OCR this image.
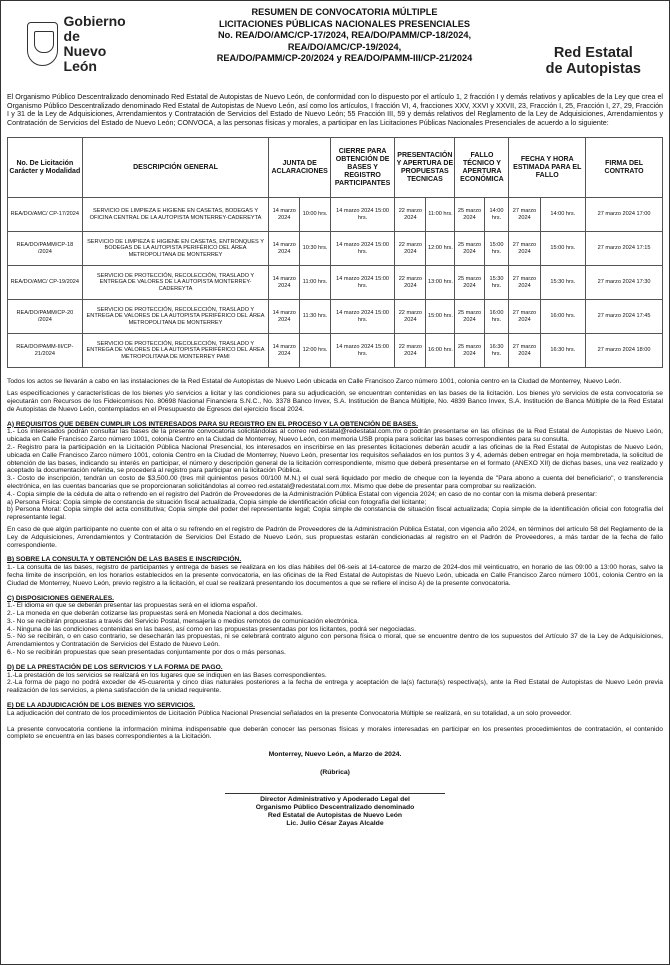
Gobierno de
Nuevo León
RESUMEN DE CONVOCATORIA MÚLTIPLE
LICITACIONES PÚBLICAS NACIONALES PRESENCIALES
No. REA/DO/AMC/CP-17/2024, REA/DO/PAMM/CP-18/2024,
REA/DO/AMC/CP-19/2024,
REA/DO/PAMM/CP-20/2024 y REA/DO/PAMM-III/CP-21/2024	Red Estatal
de Autopistas
El Organismo Público Descentralizado denominado Red Estatal de Autopistas de Nuevo León, de conformidad con lo dispuesto por el artículo 1, 2 fracción I y demás relativos y aplicables de la Ley que crea el Organismo Público Descentralizado denominado Red Estatal de Autopistas de Nuevo León, así como los artículos, I fracción VI, 4, fracciones XXV, XXVI y XXVII, 23, Fracción I, 25, Fracción I, 27, 29, Fracción I y 31 de la Ley de Adquisiciones, Arrendamientos y Contratación de Servicios del Estado de Nuevo León; 55 Fracción III, 59 y demás relativos del Reglamento de la Ley de Adquisiciones, Arrendamientos y Contratación de Servicios del Estado de Nuevo León; CONVOCA, a las personas físicas y morales, a participar en las Licitaciones Públicas Nacionales Presenciales de acuerdo a lo siguiente:
No. De Licitación Carácter y Modalidad	DESCRIPCIÓN GENERAL	JUNTA DE ACLARACIONES		CIERRE PARA OBTENCIÓN DE BASES Y REGISTRO PARTICIPANTES	PRESENTACIÓN Y APERTURA DE PROPUESTAS TECNICAS		FALLO TÉCNICO Y APERTURA ECONÓMICA		FECHA Y HORA ESTIMADA PARA EL FALLO		FIRMA DEL CONTRATO
REA/DO/AMC/ CP-17/2024	SERVICIO DE LIMPIEZA E HIGIENE EN CASETAS, BODEGAS Y OFICINA CENTRAL DE LA AUTOPISTA MONTERREY-CADEREYTA	14 marzo 2024	10:00 hrs.	14 marzo 2024 15:00 hrs.	22 marzo 2024	11:00 hrs.	25 marzo 2024	14:00 hrs.	27 marzo 2024	14:00 hrs.	27 marzo 2024 17:00
REA/DO/PAMM/CP-18 /2024	SERVICIO DE LIMPIEZA E HIGIENE EN CASETAS, ENTRONQUES Y BODEGAS DE LA AUTOPISTA PERIFÉRICO DEL ÁREA METROPOLITANA DE MONTERREY	14 marzo 2024	10:30 hrs.	14 marzo 2024 15:00 hrs.	22 marzo 2024	12:00 hrs.	25 marzo 2024	15:00 hrs.	27 marzo 2024	15:00 hrs.	27 marzo 2024 17:15
REA/DO/AMC/ CP-19/2024	SERVICIO DE PROTECCIÓN, RECOLECCIÓN, TRASLADO Y ENTREGA DE VALORES DE LA AUTOPISTA MONTERREY-CADEREYTA	14 marzo 2024	11:00 hrs.	14 marzo 2024 15:00 hrs.	22 marzo 2024	13:00 hrs.	25 marzo 2024	15:30 hrs.	27 marzo 2024	15:30 hrs.	27 marzo 2024 17:30
REA/DO/PAMM/CP-20 /2024	SERVICIO DE PROTECCIÓN, RECOLECCIÓN, TRASLADO Y ENTREGA DE VALORES DE LA AUTOPISTA PERIFÉRICO DEL ÁREA METROPOLITANA DE MONTERREY	14 marzo 2024	11:30 hrs.	14 marzo 2024 15:00 hrs.	22 marzo 2024	15:00 hrs.	25 marzo 2024	16:00 hrs.	27 marzo 2024	16:00 hrs.	27 marzo 2024 17:45
REA/DO/PAMM-III/CP-21/2024	SERVICIO DE PROTECCIÓN, RECOLECCIÓN, TRASLADO Y ENTREGA DE VALORES DE LA AUTOPISTA PERIFÉRICO DEL ÁREA METROPOLITANA DE MONTERREY PAMI	14 marzo 2024	12:00 hrs.	14 marzo 2024 15:00 hrs.	22 marzo 2024	16:00 hrs.	25 marzo 2024	16:30 hrs.	27 marzo 2024	16:30 hrs.	27 marzo 2024 18:00

Todos los actos se llevarán a cabo en las instalaciones de la Red Estatal de Autopistas de Nuevo León ubicada en Calle Francisco Zarco número 1001, colonia centro en la Ciudad de Monterrey, Nuevo León.

Las especificaciones y características de los bienes y/o servicios a licitar y las condiciones para su adjudicación, se encuentran contenidas en las bases de la licitación. Los bienes y/o servicios de esta convocatoria se ejecutarán con Recursos de los Fideicomisos No. 80698 Nacional Financiera S.N.C., No. 3378 Banco Invex, S.A. Institución de Banca Múltiple, No. 4839 Banco Invex, S.A. Institución de Banca Múltiple de la Red Estatal de Autopistas de Nuevo León, contemplados en el Presupuesto de Egresos del ejercicio fiscal 2024.

A) REQUISITOS QUE DEBEN CUMPLIR LOS INTERESADOS PARA SU REGISTRO EN EL PROCESO Y LA OBTENCIÓN DE BASES.
1.- Los interesados podrán consultar las bases de la presente convocatoria solicitándolas al correo red.estatal@redestatal.com.mx o podrán presentarse en las oficinas de la Red Estatal de Autopistas de Nuevo León, ubicada en Calle Francisco Zarco número 1001, colonia Centro en la Ciudad de Monterrey, Nuevo León, con memoria USB propia para solicitar las bases correspondientes para su consulta.
2.- Registro para la participación en la Licitación Pública Nacional Presencial, los interesados en inscribirse en las presentes licitaciones deberán acudir a las oficinas de la Red Estatal de Autopistas de Nuevo León, ubicada en Calle Francisco Zarco número 1001, colonia Centro en la Ciudad de Monterrey, Nuevo León, presentar los requisitos señalados en los puntos 3 y 4, además deben entregar en hoja membretada, la solicitud de obtención de las bases, indicando su interés en participar, el número y descripción general de la licitación correspondiente, mismo que deberá presentarse en el formato (ANEXO XII) de dichas bases, una vez realizado y aceptado la documentación referida, se procederá al registro para participar en la licitación Pública.
3.- Costo de inscripción, tendrán un costo de $3,500.00 (tres mil quinientos pesos 00/100 M.N.) el cual será liquidado por medio de cheque con la leyenda de "Para abono a cuenta del beneficiario", o transferencia electrónica, en las cuentas bancarias que se proporcionaran solicitándolas al correo red.estatal@redestatal.com.mx. Mismo que debe de presentar para comprobar su realización.
4.- Copia simple de la cédula de alta o refrendo en el registro del Padrón de Proveedores de la Administración Pública Estatal con vigencia 2024; en caso de no contar con la misma deberá presentar:
a) Persona Física: Copia simple de constancia de situación fiscal actualizada, Copia simple de identificación oficial con fotografía del licitante;
b) Persona Moral: Copia simple del acta constitutiva; Copia simple del poder del representante legal; Copia simple de constancia de situación fiscal actualizada; Copia simple de la identificación oficial con fotografía del representante legal.

En caso de que algún participante no cuente con el alta o su refrendo en el registro de Padrón de Proveedores de la Administración Pública Estatal, con vigencia año 2024, en términos del artículo 58 del Reglamento de la Ley de Adquisiciones, Arrendamientos y Contratación de Servicios Del Estado de Nuevo León, sus propuestas estarán condicionadas al registro en el Padrón de Proveedores, a más tardar de la fecha de fallo correspondiente.

B) SOBRE LA CONSULTA Y OBTENCIÓN DE LAS BASES E INSCRIPCIÓN.
1.- La consulta de las bases, registro de participantes y entrega de bases se realizara en los días hábiles del 06-seis al 14-catorce de marzo de 2024-dos mil veinticuatro, en horario de las 09:00 a 13:00 horas, salvo la fecha límite de inscripción, en los horarios establecidos en la presente convocatoria, en las oficinas de la Red Estatal de Autopistas de Nuevo León, ubicada en Calle Francisco Zarco número 1001, colonia Centro en la Ciudad de Monterrey, Nuevo León, previo registro a la licitación, el cual se realizará presentando los documentos a que se refiere el inciso A) de la presente convocatoria.
C) DISPOSICIONES GENERALES.
1.- El idioma en que se deberán presentar las propuestas será en el idioma español.
2.- La moneda en que deberán cotizarse las propuestas será en Moneda Nacional a dos decimales.
3.- No se recibirán propuestas a través del Servicio Postal, mensajería o medios remotos de comunicación electrónica.
4.- Ninguna de las condiciones contenidas en las bases, así como en las propuestas presentadas por los licitantes, podrá ser negociadas.
5.- No se recibirán, o en caso contrario, se desecharán las propuestas, ni se celebrará contrato alguno con persona física o moral, que se encuentre dentro de los supuestos del Artículo 37 de la Ley de Adquisiciones, Arrendamientos y Contratación de Servicios del Estado de Nuevo León.
6.- No se recibirán propuestas que sean presentadas conjuntamente por dos o más personas.
D) DE LA PRESTACIÓN DE LOS SERVICIOS Y LA FORMA DE PAGO.
1.-La prestación de los servicios se realizará en los lugares que se indiquen en las Bases correspondientes.
2.-La forma de pago no podrá exceder de 45-cuarenta y cinco días naturales posteriores a la fecha de entrega y aceptación de la(s) factura(s) respectiva(s), ante la Red Estatal de Autopistas de Nuevo León previa realización de los servicios, a plena satisfacción de la unidad requirente.
E) DE LA ADJUDICACIÓN DE LOS BIENES Y/O SERVICIOS.
La adjudicación del contrato de los procedimientos de Licitación Pública Nacional Presencial señalados en la presente Convocatoria Múltiple se realizará, en su totalidad, a un solo proveedor.

La presente convocatoria contiene la información mínima indispensable que deberán conocer las personas físicas y morales interesadas en participar en los presentes procedimientos de contratación, el contenido completo se encuentra en las bases correspondientes a la Licitación.

Monterrey, Nuevo León, a Marzo de 2024.
(Rúbrica)
Director Administrativo y Apoderado Legal del
Organismo Público Descentralizado denominado
Red Estatal de Autopistas de Nuevo León
Lic. Julio César Zayas Alcalde
